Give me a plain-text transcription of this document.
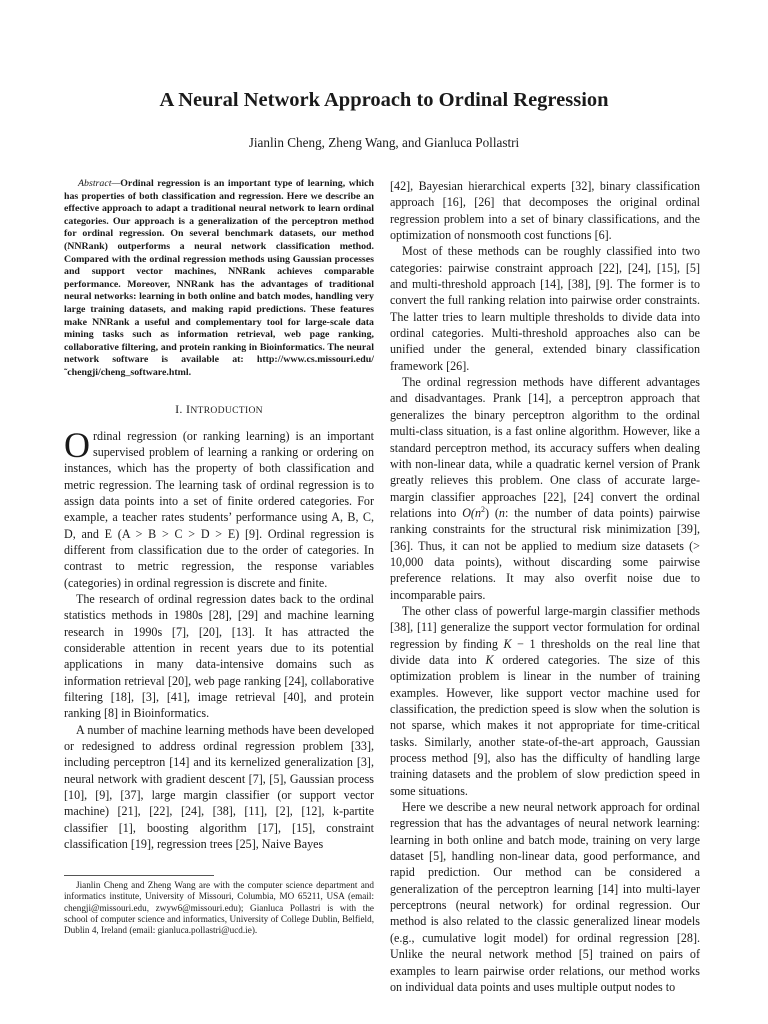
A Neural Network Approach to Ordinal Regression
Jianlin Cheng, Zheng Wang, and Gianluca Pollastri

Abstract—Ordinal regression is an important type of learning, which has properties of both classification and regression. Here we describe an effective approach to adapt a traditional neural network to learn ordinal categories. Our approach is a generalization of the perceptron method for ordinal regression. On several benchmark datasets, our method (NNRank) outperforms a neural network classification method. Compared with the ordinal regression methods using Gaussian processes and support vector machines, NNRank achieves comparable performance. Moreover, NNRank has the advantages of traditional neural networks: learning in both online and batch modes, handling very large training datasets, and making rapid predictions. These features make NNRank a useful and complementary tool for large-scale data mining tasks such as information retrieval, web page ranking, collaborative filtering, and protein ranking in Bioinformatics. The neural network software is available at: http://www.cs.missouri.edu/˜chengji/cheng_software.html.

I. INTRODUCTION
O rdinal regression (or ranking learning) is an important supervised problem of learning a ranking or ordering on instances, which has the property of both classification and metric regression. The learning task of ordinal regression is to assign data points into a set of finite ordered categories. For example, a teacher rates students’ performance using A, B, C, D, and E (A > B > C > D > E) [9]. Ordinal regression is different from classification due to the order of categories. In contrast to metric regression, the response variables (categories) in ordinal regression is discrete and finite.

The research of ordinal regression dates back to the ordinal statistics methods in 1980s [28], [29] and machine learning research in 1990s [7], [20], [13]. It has attracted the considerable attention in recent years due to its potential applications in many data-intensive domains such as information retrieval [20], web page ranking [24], collaborative filtering [18], [3], [41], image retrieval [40], and protein ranking [8] in Bioinformatics.

A number of machine learning methods have been developed or redesigned to address ordinal regression problem [33], including perceptron [14] and its kernelized generalization [3], neural network with gradient descent [7], [5], Gaussian process [10], [9], [37], large margin classifier (or support vector machine) [21], [22], [24], [38], [11], [2], [12], k-partite classifier [1], boosting algorithm [17], [15], constraint classification [19], regression trees [25], Naive Bayes

Jianlin Cheng and Zheng Wang are with the computer science department and informatics institute, University of Missouri, Columbia, MO 65211, USA (email: chengji@missouri.edu, zwyw6@missouri.edu); Gianluca Pollastri is with the school of computer science and informatics, University of College Dublin, Belfield, Dublin 4, Ireland (email: gianluca.pollastri@ucd.ie).

[42], Bayesian hierarchical experts [32], binary classification approach [16], [26] that decomposes the original ordinal regression problem into a set of binary classifications, and the optimization of nonsmooth cost functions [6].

Most of these methods can be roughly classified into two categories: pairwise constraint approach [22], [24], [15], [5] and multi-threshold approach [14], [38], [9]. The former is to convert the full ranking relation into pairwise order constraints. The latter tries to learn multiple thresholds to divide data into ordinal categories. Multi-threshold approaches also can be unified under the general, extended binary classification framework [26].

The ordinal regression methods have different advantages and disadvantages. Prank [14], a perceptron approach that generalizes the binary perceptron algorithm to the ordinal multi-class situation, is a fast online algorithm. However, like a standard perceptron method, its accuracy suffers when dealing with non-linear data, while a quadratic kernel version of Prank greatly relieves this problem. One class of accurate large-margin classifier approaches [22], [24] convert the ordinal relations into $O(n^2)$ (n: the number of data points) pairwise ranking constraints for the structural risk minimization [39], [36]. Thus, it can not be applied to medium size datasets (> 10,000 data points), without discarding some pairwise preference relations. It may also overfit noise due to incomparable pairs.

The other class of powerful large-margin classifier methods [38], [11] generalize the support vector formulation for ordinal regression by finding K − 1 thresholds on the real line that divide data into K ordered categories. The size of this optimization problem is linear in the number of training examples. However, like support vector machine used for classification, the prediction speed is slow when the solution is not sparse, which makes it not appropriate for time-critical tasks. Similarly, another state-of-the-art approach, Gaussian process method [9], also has the difficulty of handling large training datasets and the problem of slow prediction speed in some situations.

Here we describe a new neural network approach for ordinal regression that has the advantages of neural network learning: learning in both online and batch mode, training on very large dataset [5], handling non-linear data, good performance, and rapid prediction. Our method can be considered a generalization of the perceptron learning [14] into multi-layer perceptrons (neural network) for ordinal regression. Our method is also related to the classic generalized linear models (e.g., cumulative logit model) for ordinal regression [28]. Unlike the neural network method [5] trained on pairs of examples to learn pairwise order relations, our method works on individual data points and uses multiple output nodes to
